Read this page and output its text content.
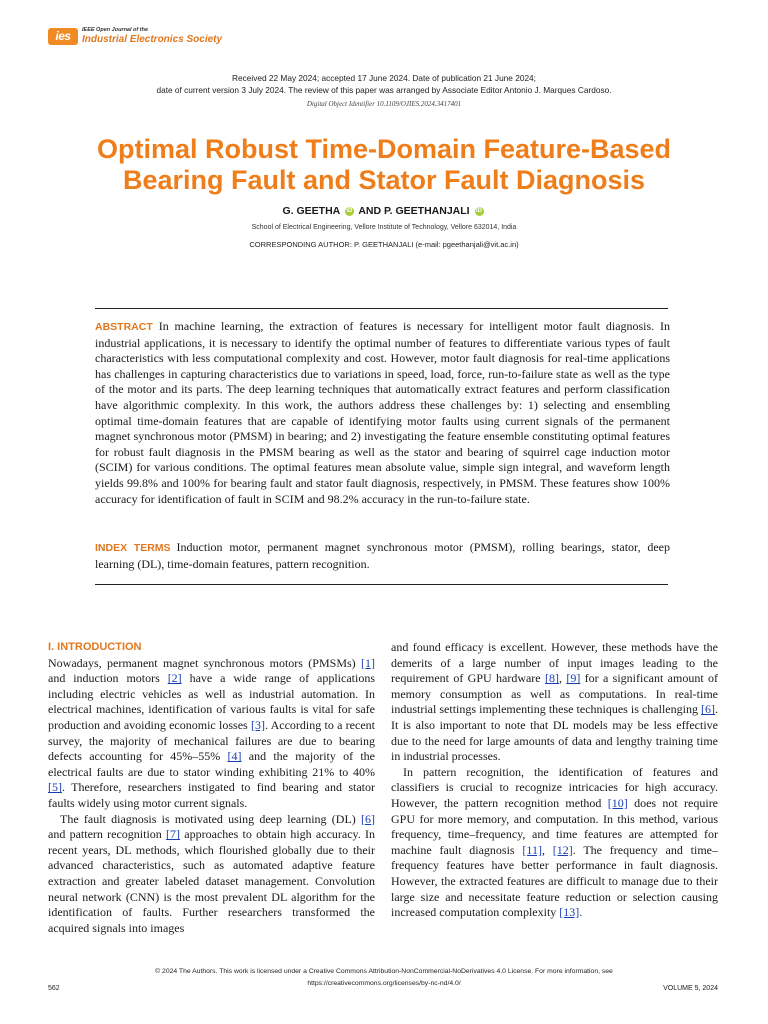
ies	IEEE Open Journal of the
Industrial Electronics Society
Received 22 May 2024; accepted 17 June 2024. Date of publication 21 June 2024;
date of current version 3 July 2024. The review of this paper was arranged by Associate Editor Antonio J. Marques Cardoso.
Digital Object Identifier 10.1109/OJIES.2024.3417401
Optimal Robust Time-Domain Feature-Based
Bearing Fault and Stator Fault Diagnosis
G. GEETHA iD AND P. GEETHANJALI iD
School of Electrical Engineering, Vellore Institute of Technology, Vellore 632014, India
CORRESPONDING AUTHOR: P. GEETHANJALI (e-mail: pgeethanjali@vit.ac.in)
ABSTRACT In machine learning, the extraction of features is necessary for intelligent motor fault diagnosis. In industrial applications, it is necessary to identify the optimal number of features to differentiate various types of fault characteristics with less computational complexity and cost. However, motor fault diagnosis for real-time applications has challenges in capturing characteristics due to variations in speed, load, force, run-to-failure state as well as the type of the motor and its parts. The deep learning techniques that automatically extract features and perform classification have algorithmic complexity. In this work, the authors address these challenges by: 1) selecting and ensembling optimal time-domain features that are capable of identifying motor faults using current signals of the permanent magnet synchronous motor (PMSM) in bearing; and 2) investigating the feature ensemble constituting optimal features for robust fault diagnosis in the PMSM bearing as well as the stator and bearing of squirrel cage induction motor (SCIM) for various conditions. The optimal features mean absolute value, simple sign integral, and waveform length yields 99.8% and 100% for bearing fault and stator fault diagnosis, respectively, in PMSM. These features show 100% accuracy for identification of fault in SCIM and 98.2% accuracy in the run-to-failure state.
INDEX TERMS Induction motor, permanent magnet synchronous motor (PMSM), rolling bearings, stator, deep learning (DL), time-domain features, pattern recognition.
I. INTRODUCTION

Nowadays, permanent magnet synchronous motors (PMSMs) [1] and induction motors [2] have a wide range of applications including electric vehicles as well as industrial automation. In electrical machines, identification of various faults is vital for safe production and avoiding economic losses [3]. According to a recent survey, the majority of mechanical failures are due to bearing defects accounting for 45%–55% [4] and the majority of the electrical faults are due to stator winding exhibiting 21% to 40% [5]. Therefore, researchers instigated to find bearing and stator faults widely using motor current signals.

The fault diagnosis is motivated using deep learning (DL) [6] and pattern recognition [7] approaches to obtain high accuracy. In recent years, DL methods, which flourished globally due to their advanced characteristics, such as automated adaptive feature extraction and greater labeled dataset management. Convolution neural network (CNN) is the most prevalent DL algorithm for the identification of faults. Further researchers transformed the acquired signals into images

and found efficacy is excellent. However, these methods have the demerits of a large number of input images leading to the requirement of GPU hardware [8], [9] for a significant amount of memory consumption as well as computations. In real-time industrial settings implementing these techniques is challenging [6]. It is also important to note that DL models may be less effective due to the need for large amounts of data and lengthy training time in industrial processes.

In pattern recognition, the identification of features and classifiers is crucial to recognize intricacies for high accuracy. However, the pattern recognition method [10] does not require GPU for more memory, and computation. In this method, various frequency, time–frequency, and time features are attempted for machine fault diagnosis [11], [12]. The frequency and time–frequency features have better performance in fault diagnosis. However, the extracted features are difficult to manage due to their large size and necessitate feature reduction or selection causing increased computation complexity [13].

© 2024 The Authors. This work is licensed under a Creative Commons Attribution-NonCommercial-NoDerivatives 4.0 License. For more information, see
https://creativecommons.org/licenses/by-nc-nd/4.0/
562	VOLUME 5, 2024
